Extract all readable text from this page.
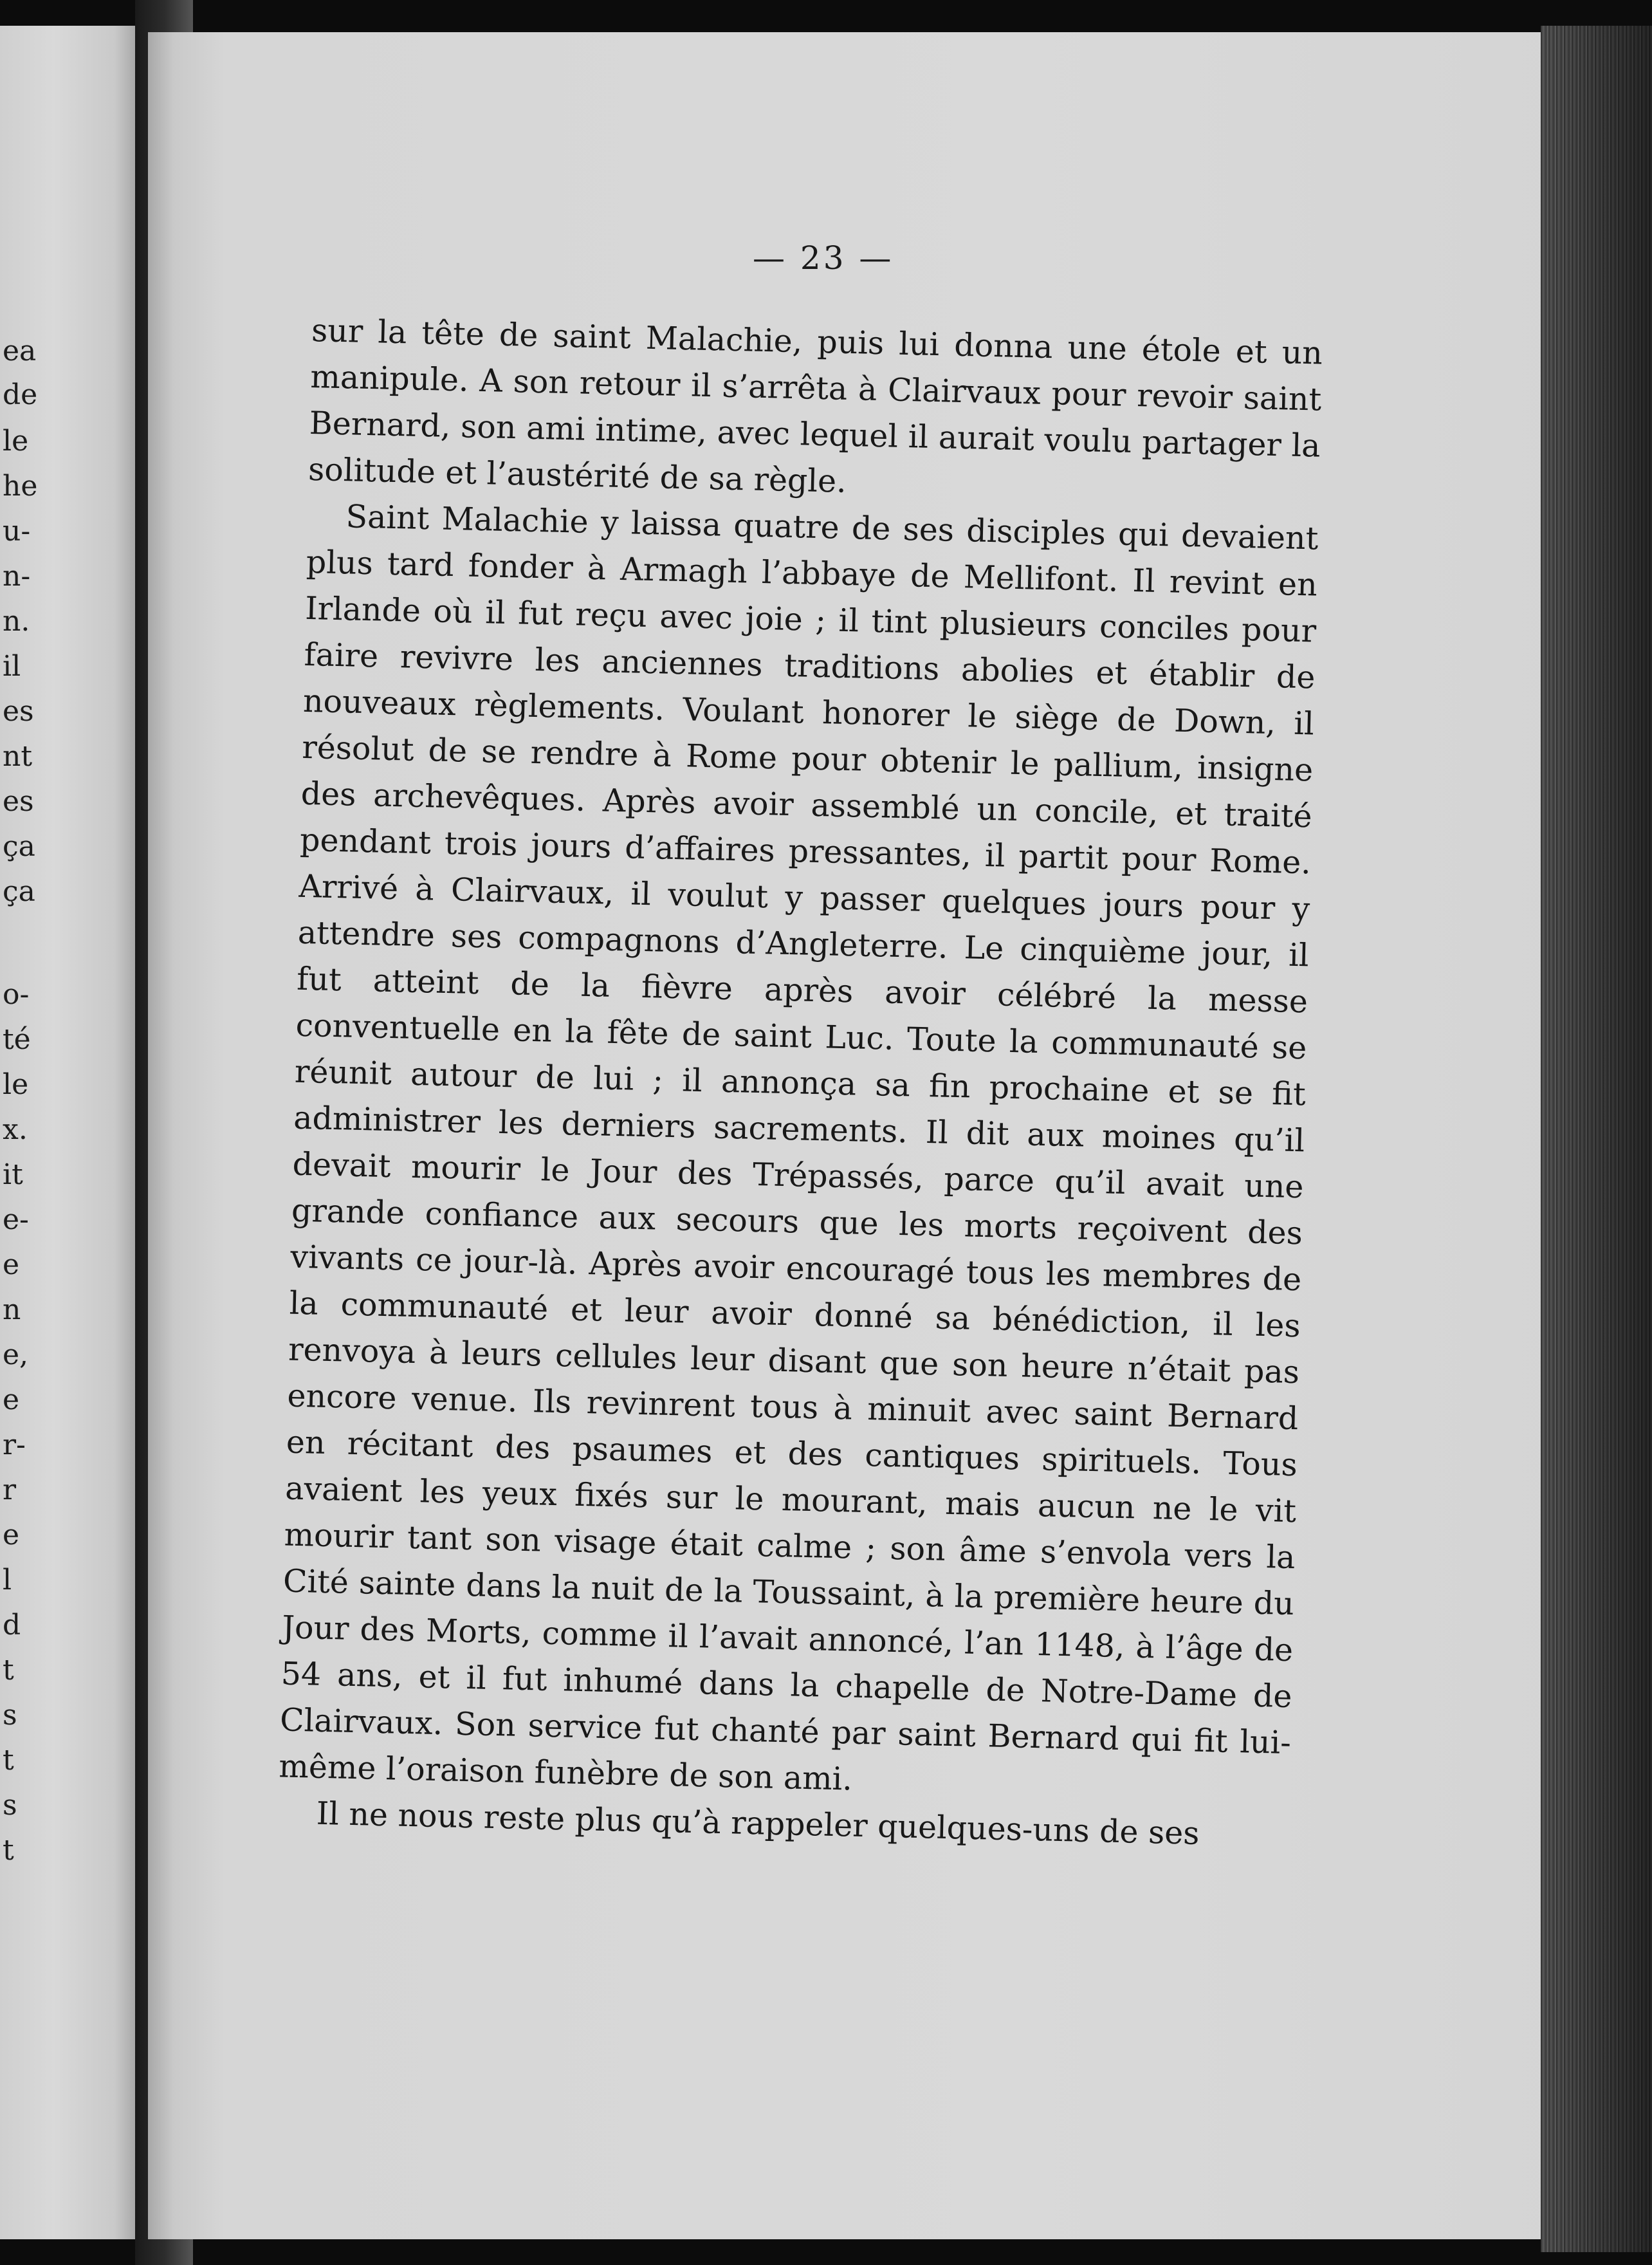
ea
de
le
he
u-
n-
n.
il
es
nt
es
ça
ça
o-
té
le
x.
it
e-
e
n
e,
e
r-
r
e
l
d
t
s
t
s
t
— 23 —

sur la tête de saint Malachie, puis lui donna une étole et un manipule. A son retour il s’arrêta à Clairvaux pour revoir saint Bernard, son ami intime, avec lequel il aurait voulu partager la solitude et l’austérité de sa règle.

Saint Malachie y laissa quatre de ses disciples qui devaient plus tard fonder à Armagh l’abbaye de Mellifont. Il revint en Irlande où il fut reçu avec joie ; il tint plusieurs conciles pour faire revivre les anciennes traditions abolies et établir de nouveaux règlements. Voulant honorer le siège de Down, il résolut de se rendre à Rome pour obtenir le pallium, insigne des archevêques. Après avoir assemblé un concile, et traité pendant trois jours d’affaires pressantes, il partit pour Rome. Arrivé à Clairvaux, il voulut y passer quelques jours pour y attendre ses compagnons d’Angleterre. Le cinquième jour, il fut atteint de la fièvre après avoir célébré la messe conventuelle en la fête de saint Luc. Toute la communauté se réunit autour de lui ; il annonça sa fin prochaine et se fit administrer les derniers sacrements. Il dit aux moines qu’il devait mourir le Jour des Trépassés, parce qu’il avait une grande confiance aux secours que les morts reçoivent des vivants ce jour-là. Après avoir encouragé tous les membres de la communauté et leur avoir donné sa bénédiction, il les renvoya à leurs cellules leur disant que son heure n’était pas encore venue. Ils revinrent tous à minuit avec saint Bernard en récitant des psaumes et des cantiques spirituels. Tous avaient les yeux fixés sur le mourant, mais aucun ne le vit mourir tant son visage était calme ; son âme s’envola vers la Cité sainte dans la nuit de la Toussaint, à la première heure du Jour des Morts, comme il l’avait annoncé, l’an 1148, à l’âge de 54 ans, et il fut inhumé dans la chapelle de Notre-Dame de Clairvaux. Son service fut chanté par saint Bernard qui fit lui-même l’oraison funèbre de son ami.

Il ne nous reste plus qu’à rappeler quelques-uns de ses
